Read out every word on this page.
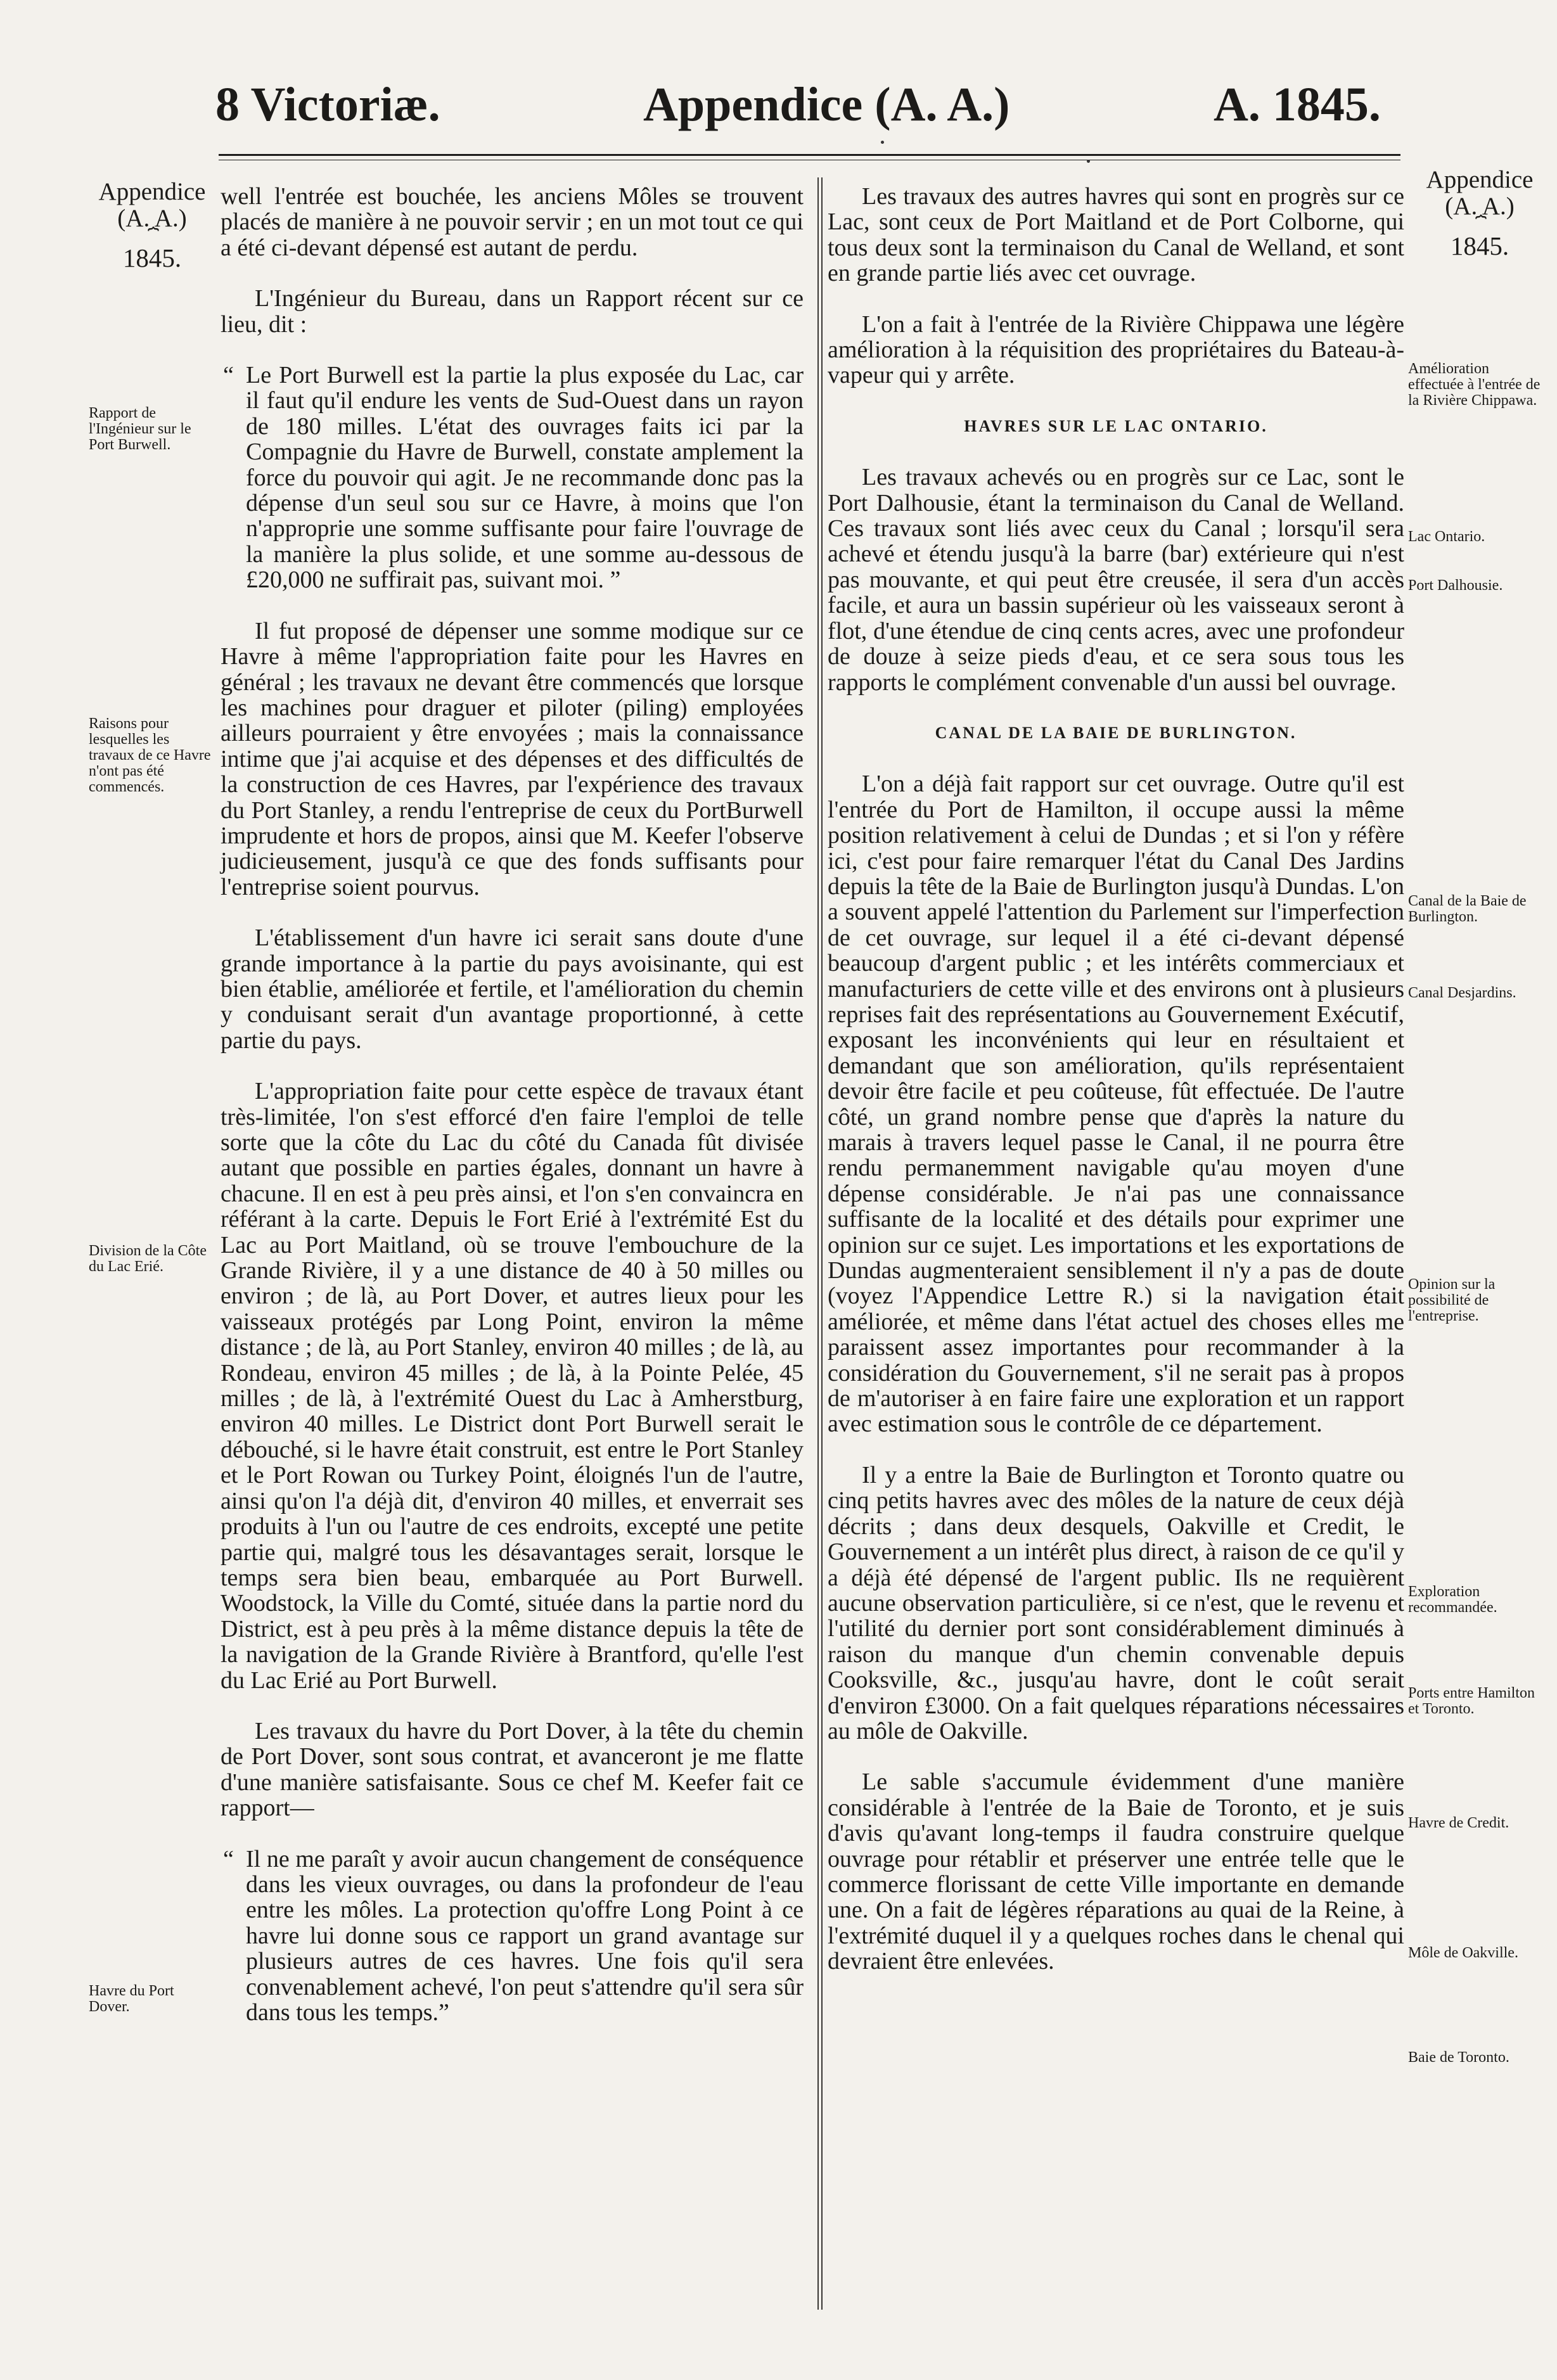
8 Victoriæ.	Appendice (A. A.)	A. 1845.
Appendice
(A. A.)
⏞
1845.
Appendice
(A. A.)
⏞
1845.

well l'entrée est bouchée, les anciens Môles se trouvent placés de manière à ne pouvoir servir ; en un mot tout ce qui a été ci-devant dépensé est autant de perdu.

L'Ingénieur du Bureau, dans un Rapport récent sur ce lieu, dit :

“ Le Port Burwell est la partie la plus exposée du Lac, car il faut qu'il endure les vents de Sud-Ouest dans un rayon de 180 milles. L'état des ouvrages faits ici par la Compagnie du Havre de Burwell, constate amplement la force du pouvoir qui agit. Je ne recommande donc pas la dépense d'un seul sou sur ce Havre, à moins que l'on n'approprie une somme suffisante pour faire l'ouvrage de la manière la plus solide, et une somme au-dessous de £20,000 ne suffirait pas, suivant moi. ”

Il fut proposé de dépenser une somme modique sur ce Havre à même l'appropriation faite pour les Havres en général ; les travaux ne devant être commencés que lorsque les machines pour draguer et piloter (piling) employées ailleurs pourraient y être envoyées ; mais la connaissance intime que j'ai acquise et des dépenses et des difficultés de la construction de ces Havres, par l'expérience des travaux du Port Stanley, a rendu l'entreprise de ceux du PortBurwell imprudente et hors de propos, ainsi que M. Keefer l'observe judicieusement, jusqu'à ce que des fonds suffisants pour l'entreprise soient pourvus.

L'établissement d'un havre ici serait sans doute d'une grande importance à la partie du pays avoisinante, qui est bien établie, améliorée et fertile, et l'amélioration du chemin y conduisant serait d'un avantage proportionné, à cette partie du pays.

L'appropriation faite pour cette espèce de travaux étant très-limitée, l'on s'est efforcé d'en faire l'emploi de telle sorte que la côte du Lac du côté du Canada fût divisée autant que possible en parties égales, donnant un havre à chacune. Il en est à peu près ainsi, et l'on s'en convaincra en référant à la carte. Depuis le Fort Erié à l'extrémité Est du Lac au Port Maitland, où se trouve l'embouchure de la Grande Rivière, il y a une distance de 40 à 50 milles ou environ ; de là, au Port Dover, et autres lieux pour les vaisseaux protégés par Long Point, environ la même distance ; de là, au Port Stanley, environ 40 milles ; de là, au Rondeau, environ 45 milles ; de là, à la Pointe Pelée, 45 milles ; de là, à l'extrémité Ouest du Lac à Amherstburg, environ 40 milles. Le District dont Port Burwell serait le débouché, si le havre était construit, est entre le Port Stanley et le Port Rowan ou Turkey Point, éloignés l'un de l'autre, ainsi qu'on l'a déjà dit, d'environ 40 milles, et enverrait ses produits à l'un ou l'autre de ces endroits, excepté une petite partie qui, malgré tous les désavantages serait, lorsque le temps sera bien beau, embarquée au Port Burwell. Woodstock, la Ville du Comté, située dans la partie nord du District, est à peu près à la même distance depuis la tête de la navigation de la Grande Rivière à Brantford, qu'elle l'est du Lac Erié au Port Burwell.

Les travaux du havre du Port Dover, à la tête du chemin de Port Dover, sont sous contrat, et avanceront je me flatte d'une manière satisfaisante. Sous ce chef M. Keefer fait ce rapport—

“ Il ne me paraît y avoir aucun changement de conséquence dans les vieux ouvrages, ou dans la profondeur de l'eau entre les môles. La protection qu'offre Long Point à ce havre lui donne sous ce rapport un grand avantage sur plusieurs autres de ces havres. Une fois qu'il sera convenablement achevé, l'on peut s'attendre qu'il sera sûr dans tous les temps.”

Les travaux des autres havres qui sont en progrès sur ce Lac, sont ceux de Port Maitland et de Port Colborne, qui tous deux sont la terminaison du Canal de Welland, et sont en grande partie liés avec cet ouvrage.

L'on a fait à l'entrée de la Rivière Chippawa une légère amélioration à la réquisition des propriétaires du Bateau-à-vapeur qui y arrête.

HAVRES SUR LE LAC ONTARIO.

Les travaux achevés ou en progrès sur ce Lac, sont le Port Dalhousie, étant la terminaison du Canal de Welland. Ces travaux sont liés avec ceux du Canal ; lorsqu'il sera achevé et étendu jusqu'à la barre (bar) extérieure qui n'est pas mouvante, et qui peut être creusée, il sera d'un accès facile, et aura un bassin supérieur où les vaisseaux seront à flot, d'une étendue de cinq cents acres, avec une profondeur de douze à seize pieds d'eau, et ce sera sous tous les rapports le complément convenable d'un aussi bel ouvrage.

CANAL DE LA BAIE DE BURLINGTON.

L'on a déjà fait rapport sur cet ouvrage. Outre qu'il est l'entrée du Port de Hamilton, il occupe aussi la même position relativement à celui de Dundas ; et si l'on y réfère ici, c'est pour faire remarquer l'état du Canal Des Jardins depuis la tête de la Baie de Burlington jusqu'à Dundas. L'on a souvent appelé l'attention du Parlement sur l'imperfection de cet ouvrage, sur lequel il a été ci-devant dépensé beaucoup d'argent public ; et les intérêts commerciaux et manufacturiers de cette ville et des environs ont à plusieurs reprises fait des représentations au Gouvernement Exécutif, exposant les inconvénients qui leur en résultaient et demandant que son amélioration, qu'ils représentaient devoir être facile et peu coûteuse, fût effectuée. De l'autre côté, un grand nombre pense que d'après la nature du marais à travers lequel passe le Canal, il ne pourra être rendu permanemment navigable qu'au moyen d'une dépense considérable. Je n'ai pas une connaissance suffisante de la localité et des détails pour exprimer une opinion sur ce sujet. Les importations et les exportations de Dundas augmenteraient sensiblement il n'y a pas de doute (voyez l'Appendice Lettre R.) si la navigation était améliorée, et même dans l'état actuel des choses elles me paraissent assez importantes pour recommander à la considération du Gouvernement, s'il ne serait pas à propos de m'autoriser à en faire faire une exploration et un rapport avec estimation sous le contrôle de ce département.

Il y a entre la Baie de Burlington et Toronto quatre ou cinq petits havres avec des môles de la nature de ceux déjà décrits ; dans deux desquels, Oakville et Credit, le Gouvernement a un intérêt plus direct, à raison de ce qu'il y a déjà été dépensé de l'argent public. Ils ne requièrent aucune observation particulière, si ce n'est, que le revenu et l'utilité du dernier port sont considérablement diminués à raison du manque d'un chemin convenable depuis Cooksville, &c., jusqu'au havre, dont le coût serait d'environ £3000. On a fait quelques réparations nécessaires au môle de Oakville.

Le sable s'accumule évidemment d'une manière considérable à l'entrée de la Baie de Toronto, et je suis d'avis qu'avant long-temps il faudra construire quelque ouvrage pour rétablir et préserver une entrée telle que le commerce florissant de cette Ville importante en demande une. On a fait de légères réparations au quai de la Reine, à l'extrémité duquel il y a quelques roches dans le chenal qui devraient être enlevées.

Rapport de l'Ingénieur sur le Port Burwell.
Raisons pour lesquelles les travaux de ce Havre n'ont pas été commencés.
Division de la Côte du Lac Erié.
Havre du Port Dover.
Amélioration effectuée à l'entrée de la Rivière Chippawa.
Lac Ontario.
Port Dalhousie.
Canal de la Baie de Burlington.
Canal Desjardins.
Opinion sur la possibilité de l'entreprise.
Exploration recommandée.
Ports entre Hamilton et Toronto.
Havre de Credit.
Môle de Oakville.
Baie de Toronto.
